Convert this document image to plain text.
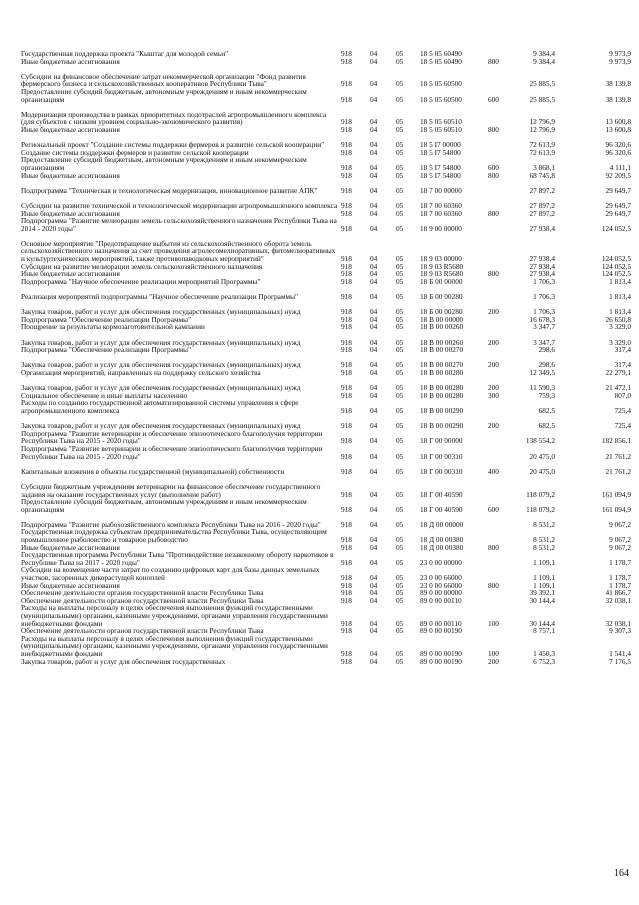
Государственная поддержка проекта "Кыштаг для молодой семьи"	918 04	05 18 5 05 60490	9 384,4	9 973,9
Иные бюджетные ассигнования	918 04	05 18 5 05 60490	800	9 384,4	9 973,9
Субсидии на финансовое обеспечение затрат некоммерческой организации "Фонд развития фермерского бизнеса и сельскохозяйственных кооперативов Республики Тыва"	918 04	05 18 5 05 60500	25 885,5	38 139,8
Предоставление субсидий бюджетным, автономным учреждениям и иным некоммерческим организациям	918 04	05 18 5 05 60500	600	25 885,5	38 139,8
Модернизация производства в рамках приоритетных подотраслей агропромышленного комплекса (для субъектов с низким уровнем социально-экономического развития)	918 04	05 18 5 05 60510	12 796,9	13 600,8
Иные бюджетные ассигнования	918 04	05 18 5 05 60510	800	12 796,9	13 600,8
Региональный проект "Создание системы поддержки фермеров и развитие сельской кооперации"	918 04	05 18 5 I7 00000	72 613,9	96 320,6
Создание системы поддержки фермеров и развитие сельской кооперации	918 04	05 18 5 I7 54800	72 613,9	96 320,6
Предоставление субсидий бюджетным, автономным учреждениям и иным некоммерческим организациям	918 04	05 18 5 I7 54800	600	3 868,1	4 111,1
Иные бюджетные ассигнования	918 04	05 18 5 I7 54800	800	68 745,8	92 209,5
Подпрограмма "Техническая и технологическая модернизация, инновационное развитие АПК"	918 04	05 18 7 00 00000	27 897,2	29 649,7
Субсидии на развитие технической и технологической модернизации агропромышленного комплекса 918 04	05 18 7 00 60360	27 897,2	29 649,7
Иные бюджетные ассигнования	918 04	05 18 7 00 60360	800	27 897,2	29 649,7
Подпрограмма "Развитие мелиорации земель сельскохозяйственного назначения Республики Тыва на 2014 - 2020 годы"	918 04	05 18 9 00 00000	27 938,4	124 052,5
Основное мероприятие "Предотвращение выбытия из сельскохозяйственного оборота земель сельскохозяйственного назначения за счет проведения агролесомелиоративных, фитомелиоративных и культуртехнических мероприятий, также противопаводковых мероприятий"	918 04	05 18 9 03 00000	27 938,4	124 052,5
Субсидии на развитие мелиорации земель сельскохозяйственного назначения	918 04	05 18 9 03 R5680	27 938,4	124 052,5
Иные бюджетные ассигнования	918 04	05 18 9 03 R5680	800	27 938,4	124 052,5
Подпрограмма "Научное обеспечение реализации мероприятий Программы"	918 04	05 18 Б 00 00000	1 706,3	1 813,4
Реализация мероприятий подпрограммы "Научное обеспечение реализации Программы"	918 04	05 18 Б 00 00280	1 706,3	1 813,4
Закупка товаров, работ и услуг для обеспечения государственных (муниципальных) нужд	918 04	05 18 Б 00 00280	200	1 706,3	1 813,4
Подпрограмма "Обеспечение реализации Программы"	918 04	05 18 В 00 00000	16 678,3	26 650,8
Поощрение за результаты кормозаготовительной кампании	918 04	05 18 В 00 00260	3 347,7	3 329,0
Закупка товаров, работ и услуг для обеспечения государственных (муниципальных) нужд	918 04	05 18 В 00 00260	200	3 347,7	3 329,0
Подпрограмма "Обеспечение реализации Программы"	918 04	05 18 В 00 00270	298,6	317,4
Закупка товаров, работ и услуг для обеспечения государственных (муниципальных) нужд	918 04	05 18 В 00 00270	200	298,6	317,4
Организация мероприятий, направленных на поддержку сельского хозяйства	918 04	05 18 В 00 00280	12 349,5	22 279,1
Закупка товаров, работ и услуг для обеспечения государственных (муниципальных) нужд	918 04	05 18 В 00 00280	200	11 590,3	21 472,1
Социальное обеспечение и иные выплаты населению	918 04	05 18 В 00 00280	300	759,3	807,0
Расходы по созданию государственной автоматизированной системы управления в сфере агропромышленного комплекса	918 04	05 18 В 00 00290	682,5	725,4
Закупка товаров, работ и услуг для обеспечения государственных (муниципальных) нужд	918 04	05 18 В 00 00290	200	682,5	725,4
Подпрограмма "Развитие ветеринарии и обеспечение эпизоотического благополучия территории Республики Тыва на 2015 - 2020 годы"	918 04	05 18 Г 00 00000	138 554,2	182 856,1
Подпрограмма "Развитие ветеринарии и обеспечение эпизоотического благополучия территории Республики Тыва на 2015 - 2020 годы"	918 04	05 18 Г 00 00310	20 475,0	21 761,2
Капитальные вложения в объекты государственной (муниципальной) собственности	918 04	05 18 Г 00 00310	400	20 475,0	21 761,2
Субсидии бюджетным учреждениям ветеринарии на финансовое обеспечение государственного задания на оказание государственных услуг (выполнение работ)	918 04	05 18 Г 00 40590	118 079,2	161 094,9
Предоставление субсидий бюджетным, автономным учреждениям и иным некоммерческим организациям	918 04	05 18 Г 00 40590	600	118 079,2	161 094,9
Подпрограмма "Развитие рыбохозяйственного комплекса Республики Тыва на 2016 - 2020 годы"	918 04	05 18 Д 00 00000	8 531,2	9 067,2
Государственная поддержка субъектам предпринимательства Республики Тыва, осуществляющим промышленное рыболовство и товарное рыбоводство	918 04	05 18 Д 00 00380	8 531,2	9 067,2
Иные бюджетные ассигнования	918 04	05 18 Д 00 00380	800	8 531,2	9 067,2
Государственная программа Республики Тыва "Противодействие незаконному обороту наркотиков в Республике Тыва на 2017 - 2020 годы"	918 04	05 23 0 00 00000	1 109,1	1 178,7
Субсидии на возмещение части затрат по созданию цифровых карт для базы данных земельных участков, засоренных дикорастущей коноплей	918 04	05 23 0 00 66000	1 109,1	1 178,7
Иные бюджетные ассигнования	918 04	05 23 0 00 66000	800	1 109,1	1 178,7
Обеспечение деятельности органов государственной власти Республики Тыва	918 04	05 89 0 00 00000	39 392,1	41 866,7
Обеспечение деятельности органов государственной власти Республики Тыва	918 04	05 89 0 00 00110	30 144,4	32 038,1
Расходы на выплаты персоналу в целях обеспечения выполнения функций государственными (муниципальными) органами, казенными учреждениями, органами управления государственными внебюджетными фондами	918 04	05 89 0 00 00110	100	30 144,4	32 038,1
Обеспечение деятельности органов государственной власти Республики Тыва	918 04	05 89 0 00 00190	8 757,1	9 307,3
Расходы на выплаты персоналу в целях обеспечения выполнения функций государственными (муниципальными) органами, казенными учреждениями, органами управления государственными внебюджетными фондами	918 04	05 89 0 00 00190	100	1 450,3	1 541,4
Закупка товаров, работ и услуг для обеспечения государственных	918 04	05 89 0 00 00190	200	6 752,3	7 176,5
164
